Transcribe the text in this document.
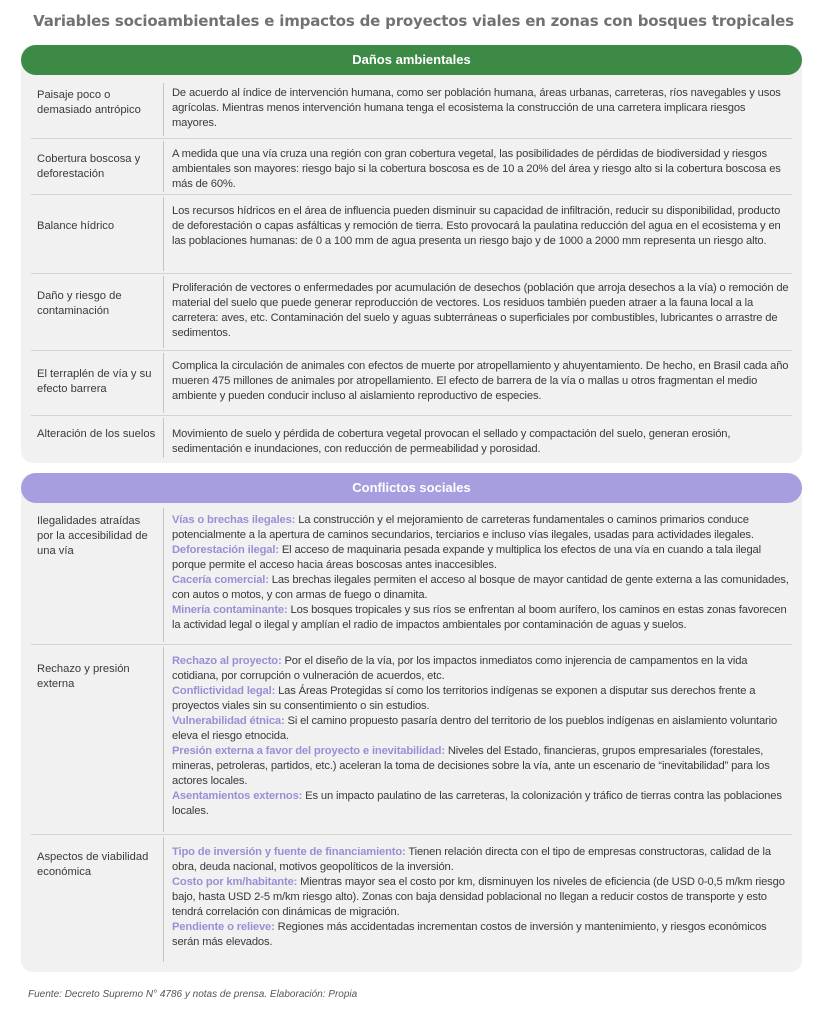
Variables socioambientales e impactos de proyectos viales en zonas con bosques tropicales
Daños ambientales
Paisaje poco o demasiado antrópico
De acuerdo al índice de intervención humana, como ser población humana, áreas urbanas, carreteras, ríos navegables y usos agrícolas. Mientras menos intervención humana tenga el ecosistema la construcción de una carretera implicara riesgos mayores.
Cobertura boscosa y deforestación
A medida que una vía cruza una región con gran cobertura vegetal, las posibilidades de pérdidas de biodiversidad y riesgos ambientales son mayores: riesgo bajo si la cobertura boscosa es de 10 a 20% del área y riesgo alto si la cobertura boscosa es más de 60%.
Balance hídrico
Los recursos hídricos en el área de influencia pueden disminuir su capacidad de infiltración, reducir su disponibilidad, producto de deforestación o capas asfálticas y remoción de tierra. Esto provocará la paulatina reducción del agua en el ecosistema y en las poblaciones humanas: de 0 a 100 mm de agua presenta un riesgo bajo y de 1000 a 2000 mm representa un riesgo alto.
Daño y riesgo de contaminación
Proliferación de vectores o enfermedades por acumulación de desechos (población que arroja desechos a la vía) o remoción de material del suelo que puede generar reproducción de vectores. Los residuos también pueden atraer a la fauna local a la carretera: aves, etc. Contaminación del suelo y aguas subterráneas o superficiales por combustibles, lubricantes o arrastre de sedimentos.
El terraplén de vía y su efecto barrera
Complica la circulación de animales con efectos de muerte por atropellamiento y ahuyentamiento. De hecho, en Brasil cada año mueren 475 millones de animales por atropellamiento. El efecto de barrera de la vía o mallas u otros fragmentan el medio ambiente y pueden conducir incluso al aislamiento reproductivo de especies.
Alteración de los suelos	Movimiento de suelo y pérdida de cobertura vegetal provocan el sellado y compactación del suelo, generan erosión, sedimentación e inundaciones, con reducción de permeabilidad y porosidad.
Conflictos sociales
Ilegalidades atraídas por la accesibilidad de una vía

Vías o brechas ilegales: La construcción y el mejoramiento de carreteras fundamentales o caminos primarios conduce potencialmente a la apertura de caminos secundarios, terciarios e incluso vías ilegales, usadas para actividades ilegales.

Deforestación ilegal: El acceso de maquinaria pesada expande y multiplica los efectos de una vía en cuando a tala ilegal porque permite el acceso hacia áreas boscosas antes inaccesibles.

Cacería comercial: Las brechas ilegales permiten el acceso al bosque de mayor cantidad de gente externa a las comunidades, con autos o motos, y con armas de fuego o dinamita.

Minería contaminante: Los bosques tropicales y sus ríos se enfrentan al boom aurífero, los caminos en estas zonas favorecen la actividad legal o ilegal y amplían el radio de impactos ambientales por contaminación de aguas y suelos.

Rechazo y presión externa

Rechazo al proyecto: Por el diseño de la vía, por los impactos inmediatos como injerencia de campamentos en la vida cotidiana, por corrupción o vulneración de acuerdos, etc.

Conflictividad legal: Las Áreas Protegidas sí como los territorios indígenas se exponen a disputar sus derechos frente a proyectos viales sin su consentimiento o sin estudios.

Vulnerabilidad étnica: Si el camino propuesto pasaría dentro del territorio de los pueblos indígenas en aislamiento voluntario eleva el riesgo etnocida.

Presión externa a favor del proyecto e inevitabilidad: Niveles del Estado, financieras, grupos empresariales (forestales, mineras, petroleras, partidos, etc.) aceleran la toma de decisiones sobre la vía, ante un escenario de “inevitabilidad” para los actores locales.

Asentamientos externos: Es un impacto paulatino de las carreteras, la colonización y tráfico de tierras contra las poblaciones locales.

Aspectos de viabilidad económica

Tipo de inversión y fuente de financiamiento: Tienen relación directa con el tipo de empresas constructoras, calidad de la obra, deuda nacional, motivos geopolíticos de la inversión.

Costo por km/habitante: Mientras mayor sea el costo por km, disminuyen los niveles de eficiencia (de USD 0-0,5 m/km riesgo bajo, hasta USD 2-5 m/km riesgo alto). Zonas con baja densidad poblacional no llegan a reducir costos de transporte y esto tendrá correlación con dinámicas de migración.

Pendiente o relieve: Regiones más accidentadas incrementan costos de inversión y mantenimiento, y riesgos económicos serán más elevados.

Fuente: Decreto Supremo N° 4786 y notas de prensa. Elaboración: Propia
